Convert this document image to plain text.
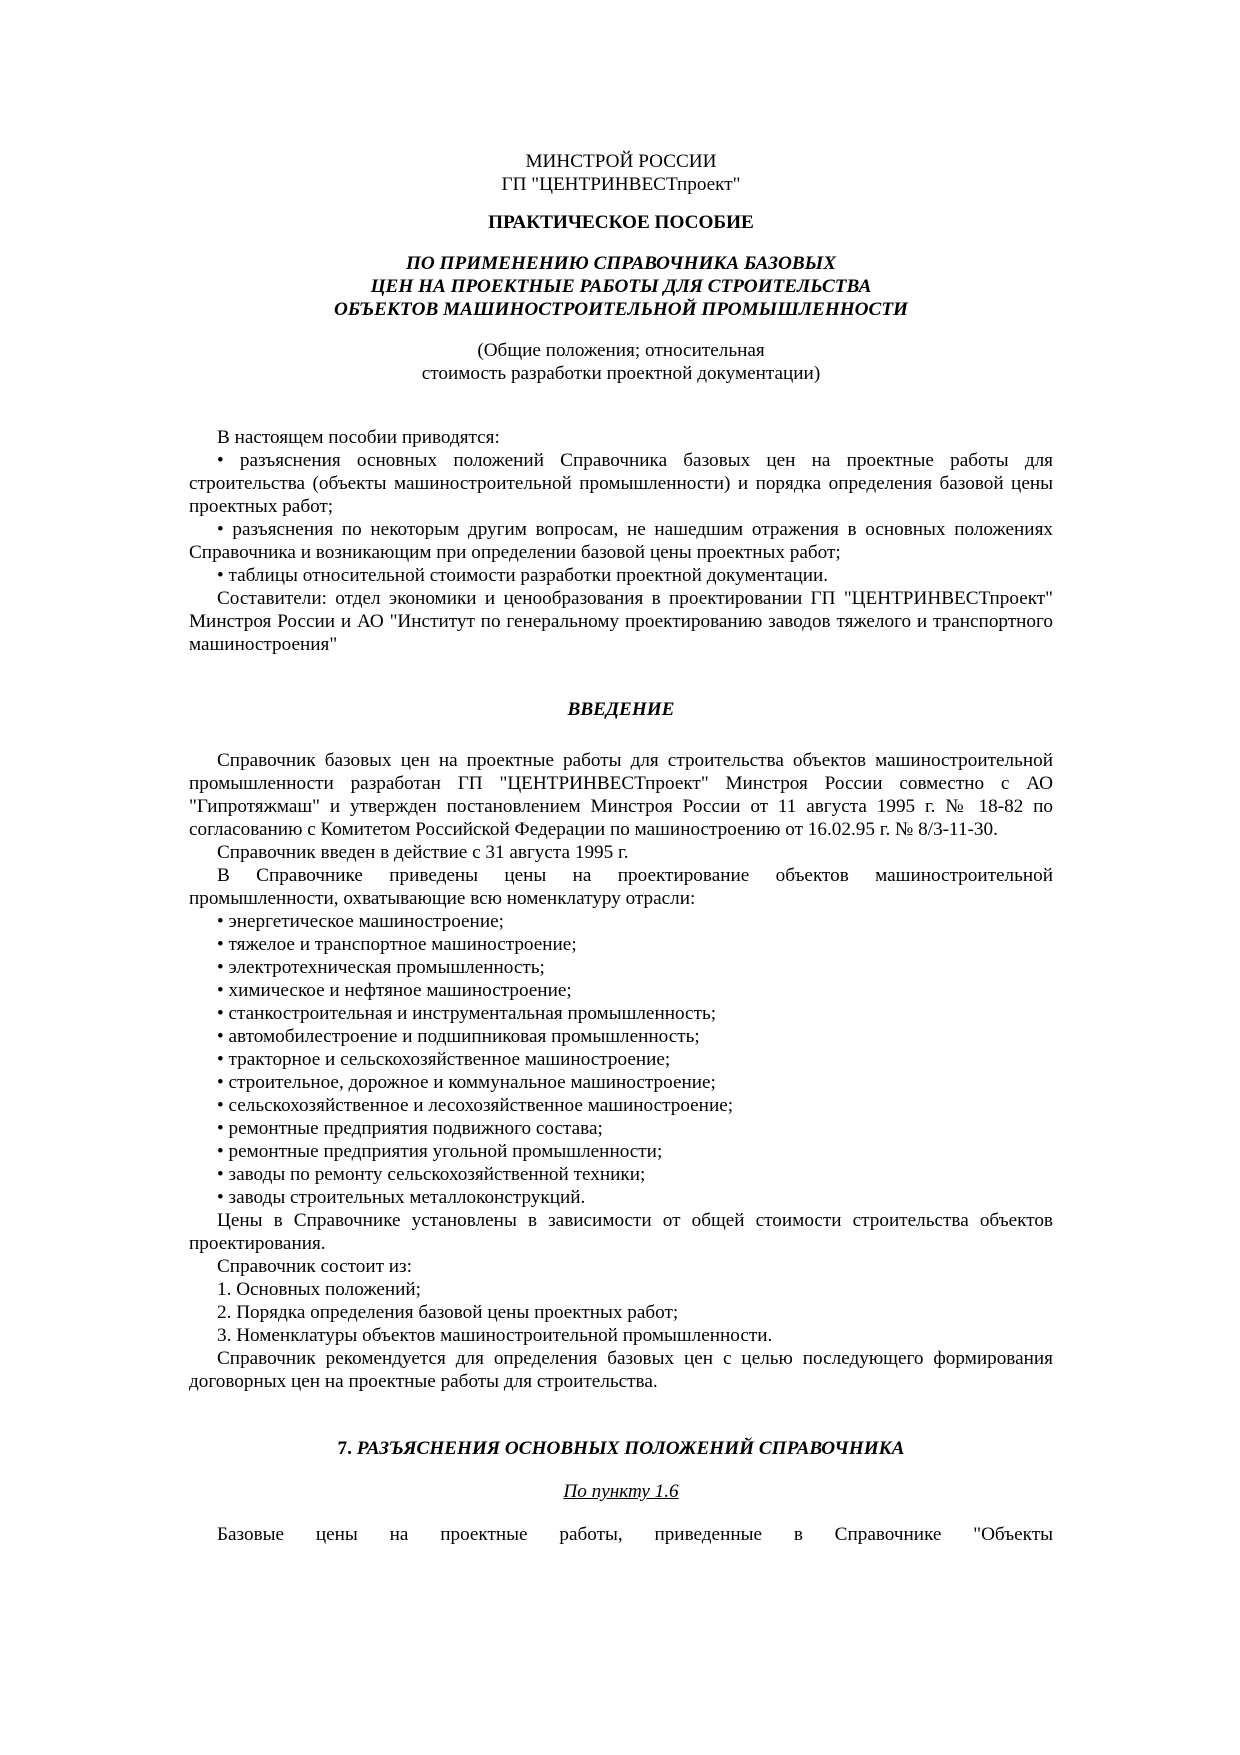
МИНСТРОЙ РОССИИ

ГП "ЦЕНТРИНВЕСТпроект"

ПРАКТИЧЕСКОЕ ПОСОБИЕ
ПО ПРИМЕНЕНИЮ СПРАВОЧНИКА БАЗОВЫХ
ЦЕН НА ПРОЕКТНЫЕ РАБОТЫ ДЛЯ СТРОИТЕЛЬСТВА
ОБЪЕКТОВ МАШИНОСТРОИТЕЛЬНОЙ ПРОМЫШЛЕННОСТИ
(Общие положения; относительная
стоимость разработки проектной документации)

В настоящем пособии приводятся:

• разъяснения основных положений Справочника базовых цен на проектные работы для строительства (объекты машиностроительной промышленности) и порядка определения базовой цены проектных работ;

• разъяснения по некоторым другим вопросам, не нашедшим отражения в основных положениях Справочника и возникающим при определении базовой цены проектных работ;

• таблицы относительной стоимости разработки проектной документации.

Составители: отдел экономики и ценообразования в проектировании ГП "ЦЕНТРИНВЕСТпроект" Минстроя России и АО "Институт по генеральному проектированию заводов тяжелого и транспортного машиностроения"

ВВЕДЕНИЕ

Справочник базовых цен на проектные работы для строительства объектов машиностроительной промышленности разработан ГП "ЦЕНТРИНВЕСТпроект" Минстроя России совместно с АО "Гипротяжмаш" и утвержден постановлением Минстроя России от 11 августа 1995 г. № 18-82 по согласованию с Комитетом Российской Федерации по машиностроению от 16.02.95 г. № 8/3-11-30.

Справочник введен в действие с 31 августа 1995 г.

В Справочнике приведены цены на проектирование объектов машиностроительной промышленности, охватывающие всю номенклатуру отрасли:

• энергетическое машиностроение;

• тяжелое и транспортное машиностроение;

• электротехническая промышленность;

• химическое и нефтяное машиностроение;

• станкостроительная и инструментальная промышленность;

• автомобилестроение и подшипниковая промышленность;

• тракторное и сельскохозяйственное машиностроение;

• строительное, дорожное и коммунальное машиностроение;

• сельскохозяйственное и лесохозяйственное машиностроение;

• ремонтные предприятия подвижного состава;

• ремонтные предприятия угольной промышленности;

• заводы по ремонту сельскохозяйственной техники;

• заводы строительных металлоконструкций.

Цены в Справочнике установлены в зависимости от общей стоимости строительства объектов проектирования.

Справочник состоит из:

1. Основных положений;

2. Порядка определения базовой цены проектных работ;

3. Номенклатуры объектов машиностроительной промышленности.

Справочник рекомендуется для определения базовых цен с целью последующего формирования договорных цен на проектные работы для строительства.

7. РАЗЪЯСНЕНИЯ ОСНОВНЫХ ПОЛОЖЕНИЙ СПРАВОЧНИКА
По пункту 1.6

Базовые цены на проектные работы, приведенные в Справочнике "Объекты
